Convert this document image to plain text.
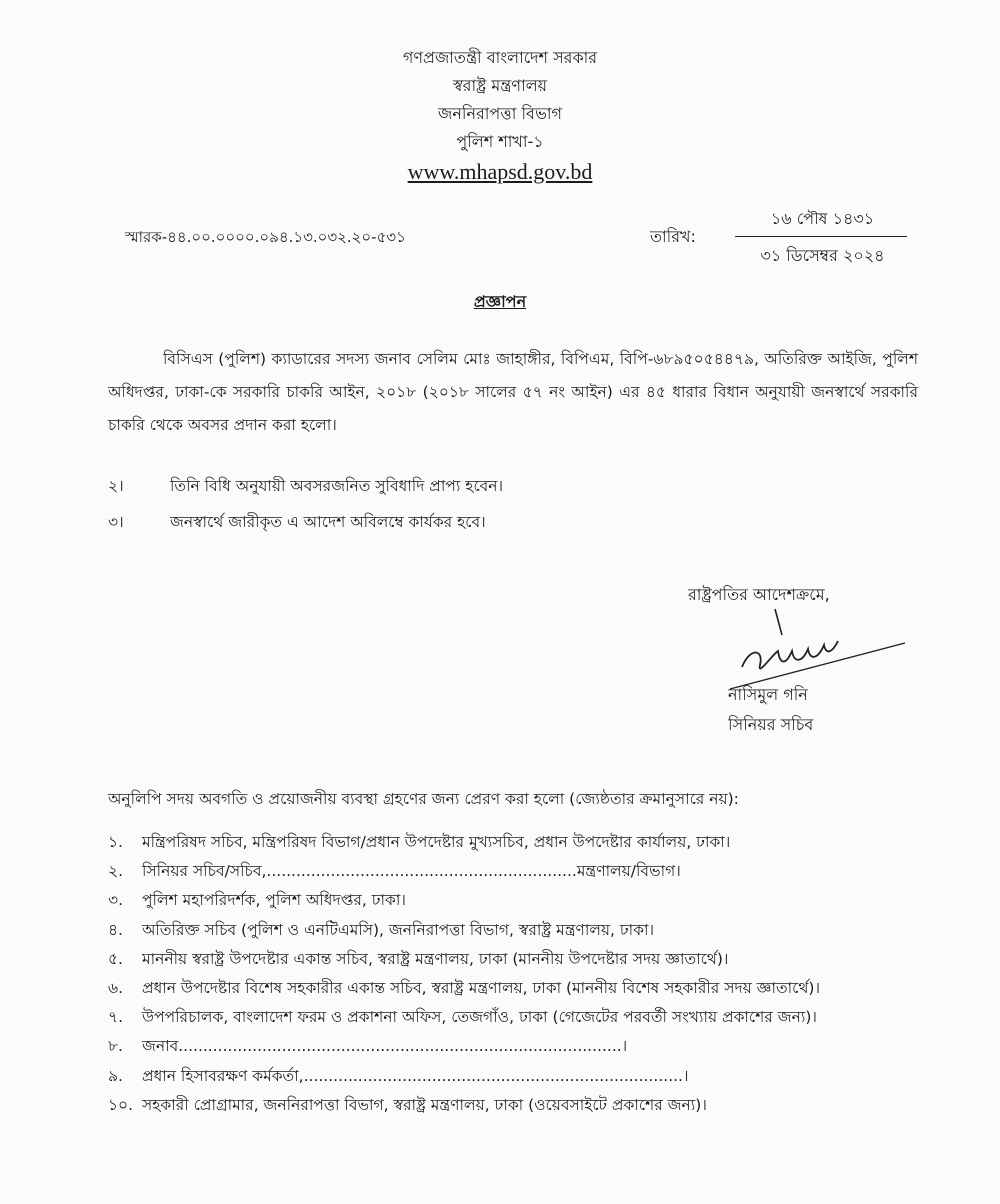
গণপ্রজাতন্ত্রী বাংলাদেশ সরকার
স্বরাষ্ট্র মন্ত্রণালয়
জননিরাপত্তা বিভাগ
পুলিশ শাখা-১
www.mhapsd.gov.bd
স্মারক-৪৪.০০.০০০০.০৯৪.১৩.০৩২.২০-৫৩১	তারিখ:
১৬ পৌষ ১৪৩১
৩১ ডিসেম্বর ২০২৪
প্রজ্ঞাপন
বিসিএস (পুলিশ) ক্যাডারের সদস্য জনাব সেলিম মোঃ জাহাঙ্গীর, বিপিএম, বিপি-৬৮৯৫০৫৪৪৭৯, অতিরিক্ত আইজি, পুলিশ অধিদপ্তর, ঢাকা-কে সরকারি চাকরি আইন, ২০১৮ (২০১৮ সালের ৫৭ নং আইন) এর ৪৫ ধারার বিধান অনুযায়ী জনস্বার্থে সরকারি চাকরি থেকে অবসর প্রদান করা হলো।
২।	তিনি বিধি অনুযায়ী অবসরজনিত সুবিধাদি প্রাপ্য হবেন।
৩।	জনস্বার্থে জারীকৃত এ আদেশ অবিলম্বে কার্যকর হবে।
রাষ্ট্রপতির আদেশক্রমে,
নাসিমুল গনি
সিনিয়র সচিব
অনুলিপি সদয় অবগতি ও প্রয়োজনীয় ব্যবস্থা গ্রহণের জন্য প্রেরণ করা হলো (জ্যেষ্ঠতার ক্রমানুসারে নয়):
১. মন্ত্রিপরিষদ সচিব, মন্ত্রিপরিষদ বিভাগ/প্রধান উপদেষ্টার মুখ্যসচিব, প্রধান উপদেষ্টার কার্যালয়, ঢাকা।
২. সিনিয়র সচিব/সচিব,...............................................................মন্ত্রণালয়/বিভাগ।
৩. পুলিশ মহাপরিদর্শক, পুলিশ অধিদপ্তর, ঢাকা।
৪. অতিরিক্ত সচিব (পুলিশ ও এনটিএমসি), জননিরাপত্তা বিভাগ, স্বরাষ্ট্র মন্ত্রণালয়, ঢাকা।
৫. মাননীয় স্বরাষ্ট্র উপদেষ্টার একান্ত সচিব, স্বরাষ্ট্র মন্ত্রণালয়, ঢাকা (মাননীয় উপদেষ্টার সদয় জ্ঞাতার্থে)।
৬. প্রধান উপদেষ্টার বিশেষ সহকারীর একান্ত সচিব, স্বরাষ্ট্র মন্ত্রণালয়, ঢাকা (মাননীয় বিশেষ সহকারীর সদয় জ্ঞাতার্থে)।
৭. উপপরিচালক, বাংলাদেশ ফরম ও প্রকাশনা অফিস, তেজগাঁও, ঢাকা (গেজেটের পরবর্তী সংখ্যায় প্রকাশের জন্য)।
৮. জনাব..........................................................................................।
৯. প্রধান হিসাবরক্ষণ কর্মকর্তা,.............................................................................।
১০. সহকারী প্রোগ্রামার, জননিরাপত্তা বিভাগ, স্বরাষ্ট্র মন্ত্রণালয়, ঢাকা (ওয়েবসাইটে প্রকাশের জন্য)।
